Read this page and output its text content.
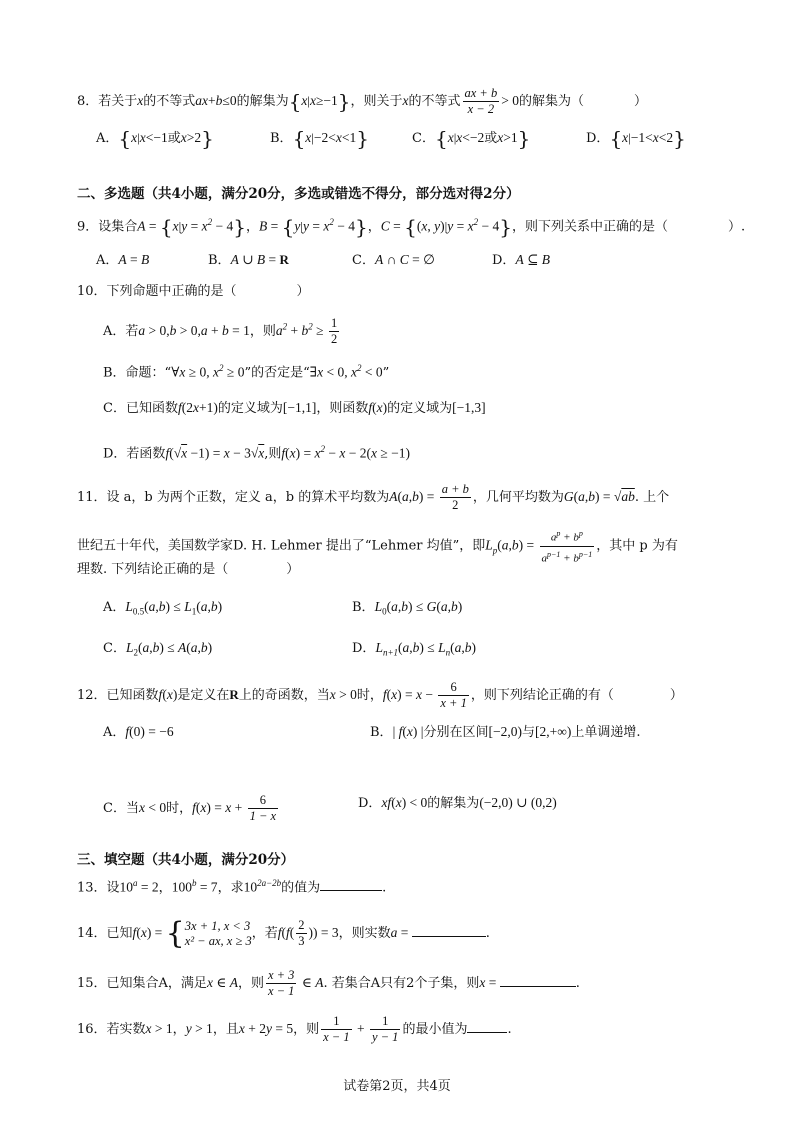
8．若关于x的不等式ax+b≤0的解集为{x|x≥−1}，则关于x的不等式 $\frac{ax + b}{x - 2} > 0$的解集为（	）
A．{x|x<−1或x>2}	B．{x|−2<x<1}	C．{x|x<−2或x>1}	D．{x|−1<x<2}
二、多选题（共4小题，满分20分，多选或错选不得分，部分选对得2分）
9．设集合$A = \{x|y = x^2 - 4\}$，$B = \{y|y = x^2 - 4\}$，C = {(x, $y)|y = x^2 - 4$}，则下列关系中正确的是（	）.
A．A = B	B．A ∪ B = R	C．A ∩ C = ∅	D．A ⊆ B
10．下列命题中正确的是（	）
A．若a > 0,b > 0,a + b = 1，则$a^2 + b^2 \ge \frac{1}{2}$
B．命题：“∀x ≥ 0, $x^2 \ge 0$”的否定是“∃x < 0, $x^2 < 0$”
C．已知函数f(2x+1)的定义域为[−1,1]，则函数f(x)的定义域为[−1,3]
D．若函数f(√x −1) = x − 3√x,则$f(x) = x^2 - x - 2(x \ge -1)$
11．设 a，b 为两个正数，定义 a，b 的算术平均数为$A(a,b) = \frac{a + b}{2}$ ，几何平均数为G(a,b) = √ab. 上个
世纪五十年代，美国数学家D. H. Lehmer 提出了“Lehmer 均值”，即$L_p(a,b) = \frac{a^p + b^p}{a^{p-1} + b^{p-1}}$ ，其中 p 为有
理数. 下列结论正确的是（	）
A．$L_{0.5}(a,b) \le L_1(a,b)$	B．$L_0(a,b) \le G(a,b)$
C．$L_2(a,b) \le A(a,b)$	D．$L_{n+1}(a,b) \le L_n(a,b)$
12．已知函数f(x)是定义在R上的奇函数，当x > 0时，$f(x) = x - \frac{6}{x + 1}$ ，则下列结论正确的有（	）
A．f(0) = −6	B．| f(x) |分别在区间[−2,0)与[2,+∞)上单调递增.
C．当x < 0时，$f(x) = x + \frac{6}{1 - x}$	D．xf(x) < 0的解集为(−2,0) ∪ (0,2)
三、填空题（共4小题，满分20分）
13．设$10^a = 2$，$100^b = 7$，求$10^{2a-2b}$的值为	.
14．已知f(x) = { 3x + 1, x < 3
x² − ax, x ≥ 3 ，若$f(f( \frac{2}{3}$ )) = 3，则实数a =	.
15．已知集合A，满足x ∈ A，则 $\frac{x + 3}{x - 1}$ ∈ A. 若集合A只有2个子集，则x =	.
16．若实数x > 1，y > 1，且x + 2y = 5，则 $\frac{1}{x - 1} + \frac{1}{y - 1}$ 的最小值为	.
试卷第2页，共4页
